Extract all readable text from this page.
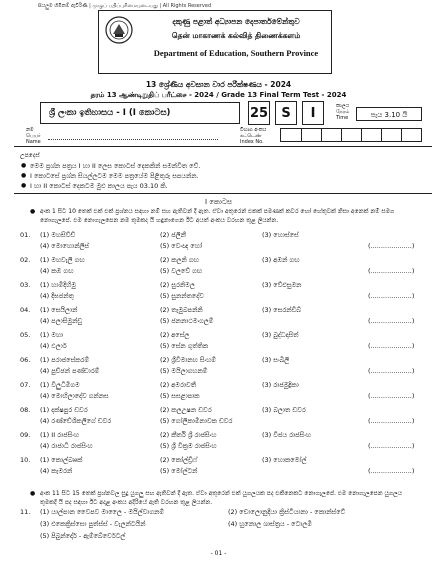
සියලුම හිමිකම් ඇවිරිණි | முழுப் பதிப்புரிமையுடையது | All Rights Reserved
දකුණු පළාත් අධ්‍යාපන දෙපාර්තමේන්තුව
தென் மாகாணக் கல்வித் திணைக்களம்
Department of Education, Southern Province
13 ශ්‍රේණිය අවසාන වාර පරීක්ෂණය - 2024
தரம் 13 ஆண்டிறுதிப் பரீட்சை - 2024 / Grade 13 Final Term Test - 2024
ශ්‍රී ලංකා ඉතිහාසය - I (I කොටස)	25	S	I	කාලය
நேரம்
Time	පැය 3.10 යි
නම
பெயர்
Name
විභාග අංකය
சுட்டெண்
Index No.
උපදෙස්
● මෙම ප්‍රශ්න පත්‍රය I හා II ලෙස කොටස් දෙකකින් සමන්විත වේ.
● I කොටසේ ප්‍රශ්න සියල්ලටම මෙම පත්‍රයේම පිළිතුරු සපයන්න.
● I හා II කොටස් දෙකටම මුළු කාලය පැය 03.10 කි.
I කොටස
● අංක 1 සිට 10 තෙක් එක් එක් ප්‍රශ්නය සඳහා නම් සහ ඇතිවන් දී ඇත. ඒවා අතුරෙන් එකක් පමණක් කවර හෝ හේතුවක් නිසා අනෙක් නම් සමග නොගැලපේ. එම නොගැලපෙන නම තුමකද යි හඳුනාගෙන ඊට අයත් අංකය වරහන තුළ ලියන්න.
01. (1) මහසිව්ඩ්	(2) ජලිනී	(3) හොස්සේ
(4) මොහොන්ලිස්	(5) වෙංඥ හෝ	(....................)
02. (1) මහවැලි ගඟ	(2) කලනි ගඟ	(3) අඹන් ගඟ
(4) කඹ ගඟ	(5) වලවේ ගඟ	(....................)
03. (1) හාමිදිහිමු	(2) සුරනිමල	(3) වේළුසුමන
(4) දීඝජන්තු	(5) සුනන්තදේව	(....................)
04. (1) සෙයිලාන්	(2) තැමුබපන්නි	(3) සෙරන්ඩිබ්
(4) පලාසිමුන්ඩු	(5) ජනනාථමංගලම්	(....................)
05. (1) මහා	(2) අසේල	(3) බුද්ධදාසිත්
(4) ඵලාර්	(5) සේන ගුත්තික	(....................)
06. (1) පරාජසේකරම්	(2) ශ්‍රීවිමානහ සිංහම්	(3) සංඛිලි
(4) පුච්ඡන් පණ්ඩාරම්	(5) මයිලාගහනම්	(....................)
07. (1) විලුධිමිගම	(2) අමරාවතී	(3) රාජමුද්‍රිකා
(4) මොහිලාදේව ගන්නස	(5) සසළාපාක	(....................)
08. (1) දක්ෂපුර ඩවර	(2) කලඋෂන ඩවර	(3) බලාත ඩවර
(4) රණ්ඩේශිකලිගේ ඩවර	(5) ගෝලිකාමිනාවක ඩවර	(....................)
09. (1) II රාජසිංහ	(2) කීර්ති ශ්‍රී රාජසිංහ	(3) විජය රාජසිංහ
(4) රාජාධි රාජසිංහ	(5) ශ්‍රී වික්‍රම රාජසිංහ	(....................)
10. (1) කොල්බෲක්	(2) කෝල්ඩ්‍රිෆ්	(3) හොකමෝල්
(4) කැමරන්	(5) මෝල්ටන්	(....................)
● අංක 11 සිට 15 තෙක් ප්‍රශ්නවල සුදු යුගලු සහ ඇතිවන් දී ඇත. ඒවා අතුරෙන් එක් යුගලයක පද එකිනෙකට නොගැලපේ. එම නොගැලපෙන යුගලය තුමකදි යි පද සඳහා ඊට අදාළ අංකය අදිරියේ ඇති වරහන තුළ ලියන්න.
11. (1) යාල්පාන වෛපව මාලෛ - මයිල්වාගනම්	(2) චොලොනුදීයා ක්‍රිස්ටියානා - කොන්ස්ටේ
(3) එකෙක්‍රිස්සො පුත්ස්ස් - වැලන්ටයින්	(4) හුනොල ශාස්ත්‍රය - ටොලමි
(5) පිබුන්දෝර් - ඇම්බේර්වෙටල්
- 01 -
